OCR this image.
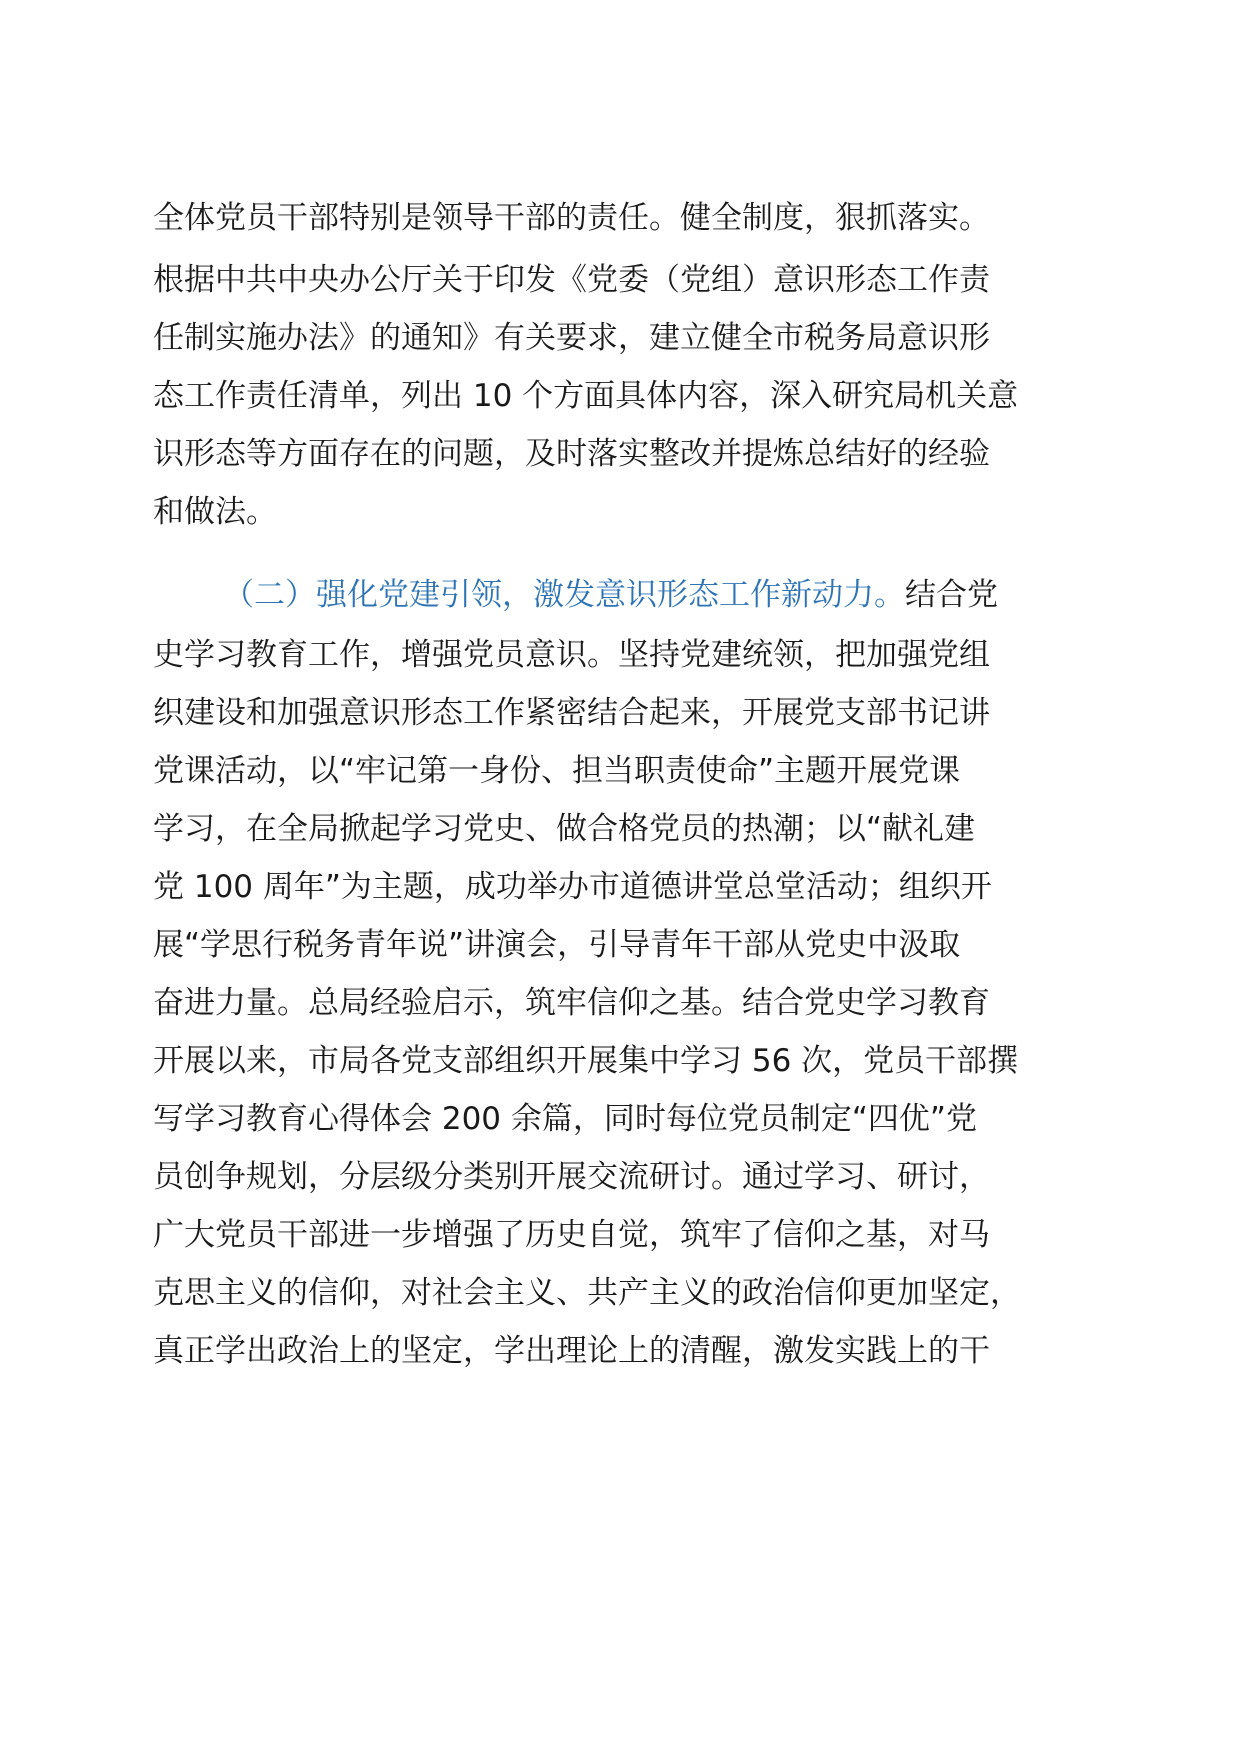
全体党员干部特别是领导干部的责任。健全制度，狠抓落实。
根据中共中央办公厅关于印发《党委（党组）意识形态工作责
任制实施办法》的通知》有关要求，建立健全市税务局意识形
态工作责任清单，列出 10 个方面具体内容，深入研究局机关意
识形态等方面存在的问题，及时落实整改并提炼总结好的经验
和做法。
（二）强化党建引领，激发意识形态工作新动力。结合党
史学习教育工作，增强党员意识。坚持党建统领，把加强党组
织建设和加强意识形态工作紧密结合起来，开展党支部书记讲
党课活动，以“牢记第一身份、担当职责使命”主题开展党课
学习，在全局掀起学习党史、做合格党员的热潮；以“献礼建
党 100 周年”为主题，成功举办市道德讲堂总堂活动；组织开
展“学思行税务青年说”讲演会，引导青年干部从党史中汲取
奋进力量。总局经验启示，筑牢信仰之基。结合党史学习教育
开展以来，市局各党支部组织开展集中学习 56 次，党员干部撰
写学习教育心得体会 200 余篇，同时每位党员制定“四优”党
员创争规划，分层级分类别开展交流研讨。通过学习、研讨，
广大党员干部进一步增强了历史自觉，筑牢了信仰之基，对马
克思主义的信仰，对社会主义、共产主义的政治信仰更加坚定，
真正学出政治上的坚定，学出理论上的清醒，激发实践上的干
